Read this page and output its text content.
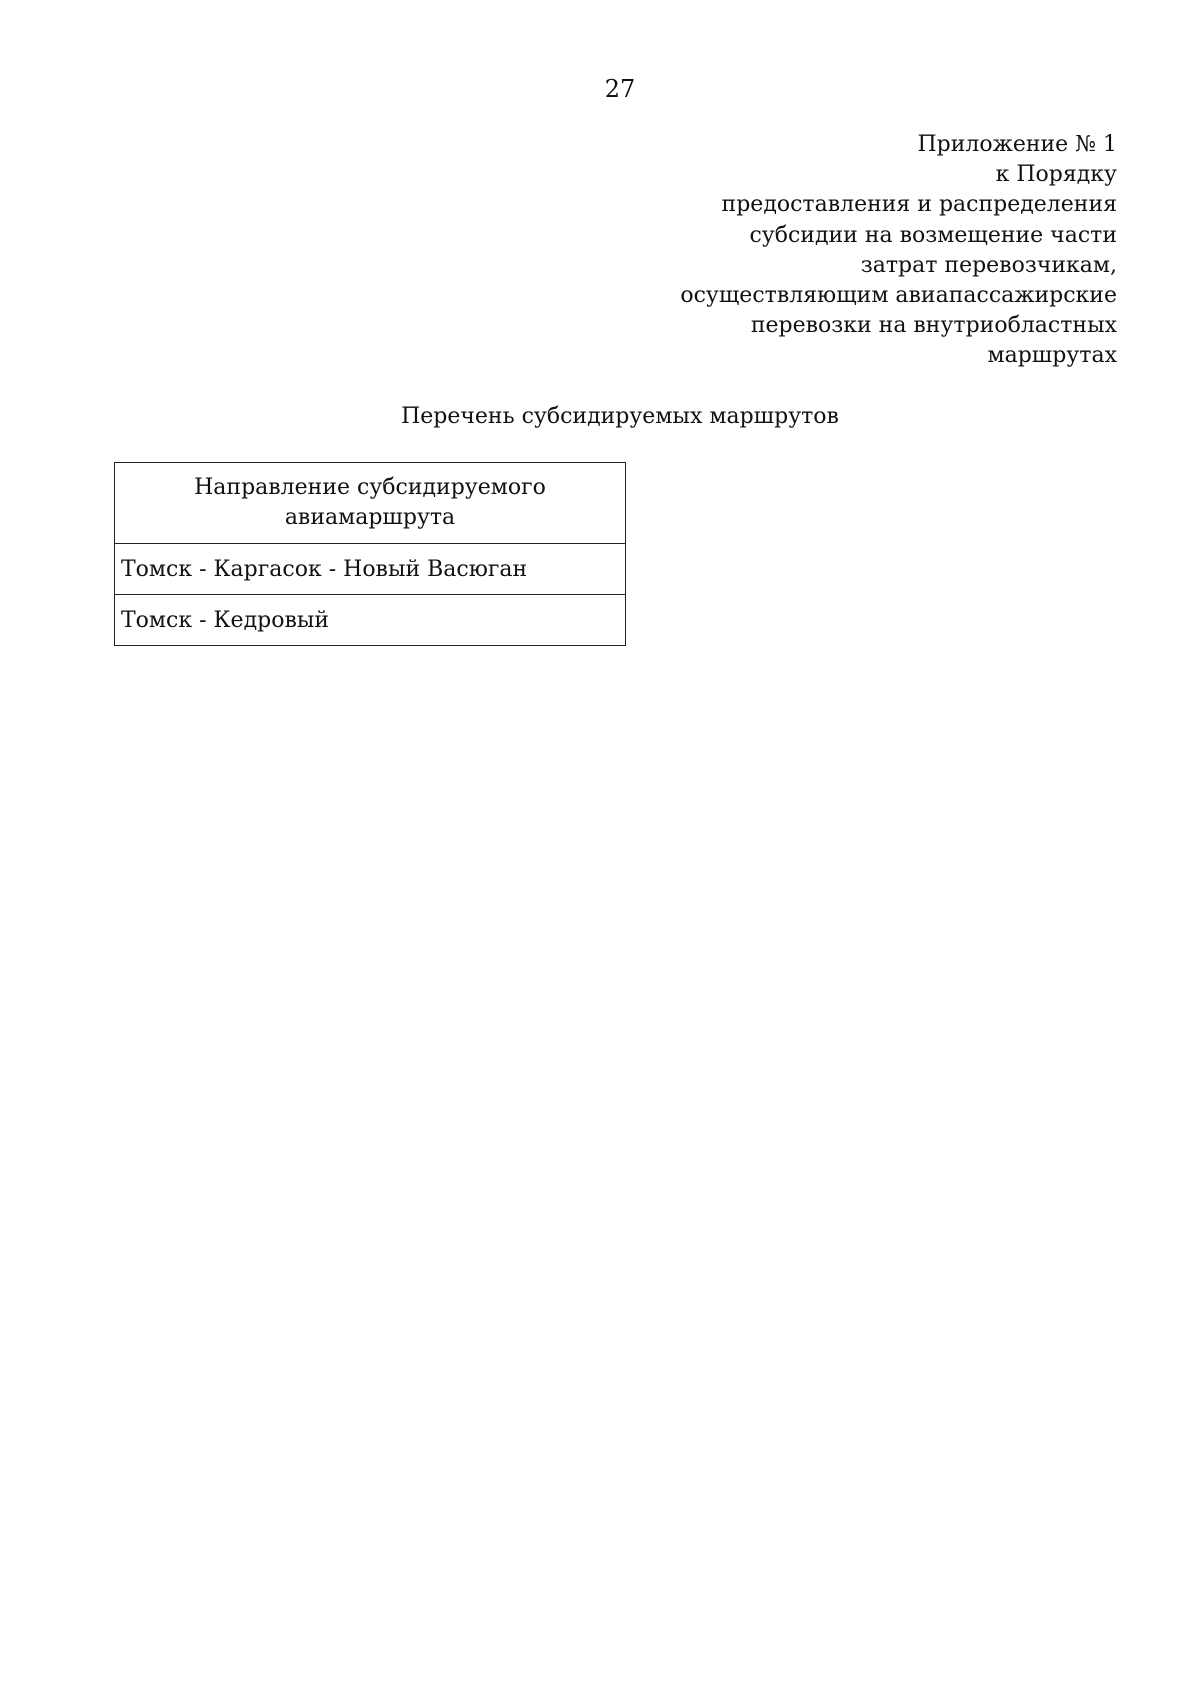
27
Приложение № 1
к Порядку
предоставления и распределения
субсидии на возмещение части
затрат перевозчикам,
осуществляющим авиапассажирские
перевозки на внутриобластных
маршрутах
Перечень субсидируемых маршрутов
Направление субсидируемого
авиамаршрута

Томск - Каргасок - Новый Васюган
Томск - Кедровый
